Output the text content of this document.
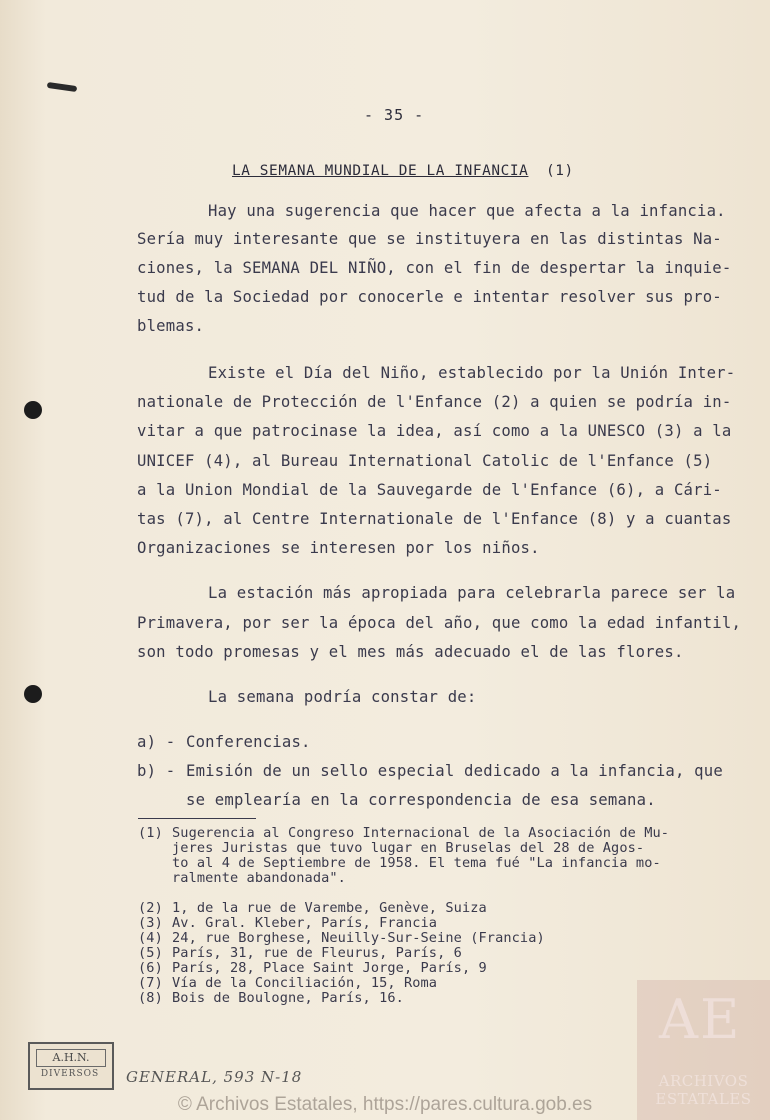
- 35 -
LA SEMANA MUNDIAL DE LA INFANCIA (1)
Hay una sugerencia que hacer que afecta a la infancia.
Sería muy interesante que se instituyera en las distintas Na-
ciones, la SEMANA DEL NIÑO, con el fin de despertar la inquie-
tud de la Sociedad por conocerle e intentar resolver sus pro-
blemas.
Existe el Día del Niño, establecido por la Unión Inter-
nationale de Protección de l'Enfance (2) a quien se podría in-
vitar a que patrocinase la idea, así como a la UNESCO (3) a la
UNICEF (4), al Bureau International Catolic de l'Enfance (5)
a la Union Mondial de la Sauvegarde de l'Enfance (6), a Cári-
tas (7), al Centre Internationale de l'Enfance (8) y a cuantas
Organizaciones se interesen por los niños.
La estación más apropiada para celebrarla parece ser la
Primavera, por ser la época del año, que como la edad infantil,
son todo promesas y el mes más adecuado el de las flores.
La semana podría constar de:
a) - Conferencias.
b) - Emisión de un sello especial dedicado a la infancia, que
se emplearía en la correspondencia de esa semana.
(1) Sugerencia al Congreso Internacional de la Asociación de Mu-
jeres Juristas que tuvo lugar en Bruselas del 28 de Agos-
to al 4 de Septiembre de 1958. El tema fué "La infancia mo-
ralmente abandonada".
(2) 1, de la rue de Varembe, Genève, Suiza
(3) Av. Gral. Kleber, París, Francia
(4) 24, rue Borghese, Neuilly-Sur-Seine (Francia)
(5) París, 31, rue de Fleurus, París, 6
(6) París, 28, Place Saint Jorge, París, 9
(7) Vía de la Conciliación, 15, Roma
(8) Bois de Boulogne, París, 16.
A.H.N.
DIVERSOS	GENERAL, 593 N-18
AE
ARCHIVOS
ESTATALES
© Archivos Estatales, https://pares.cultura.gob.es
